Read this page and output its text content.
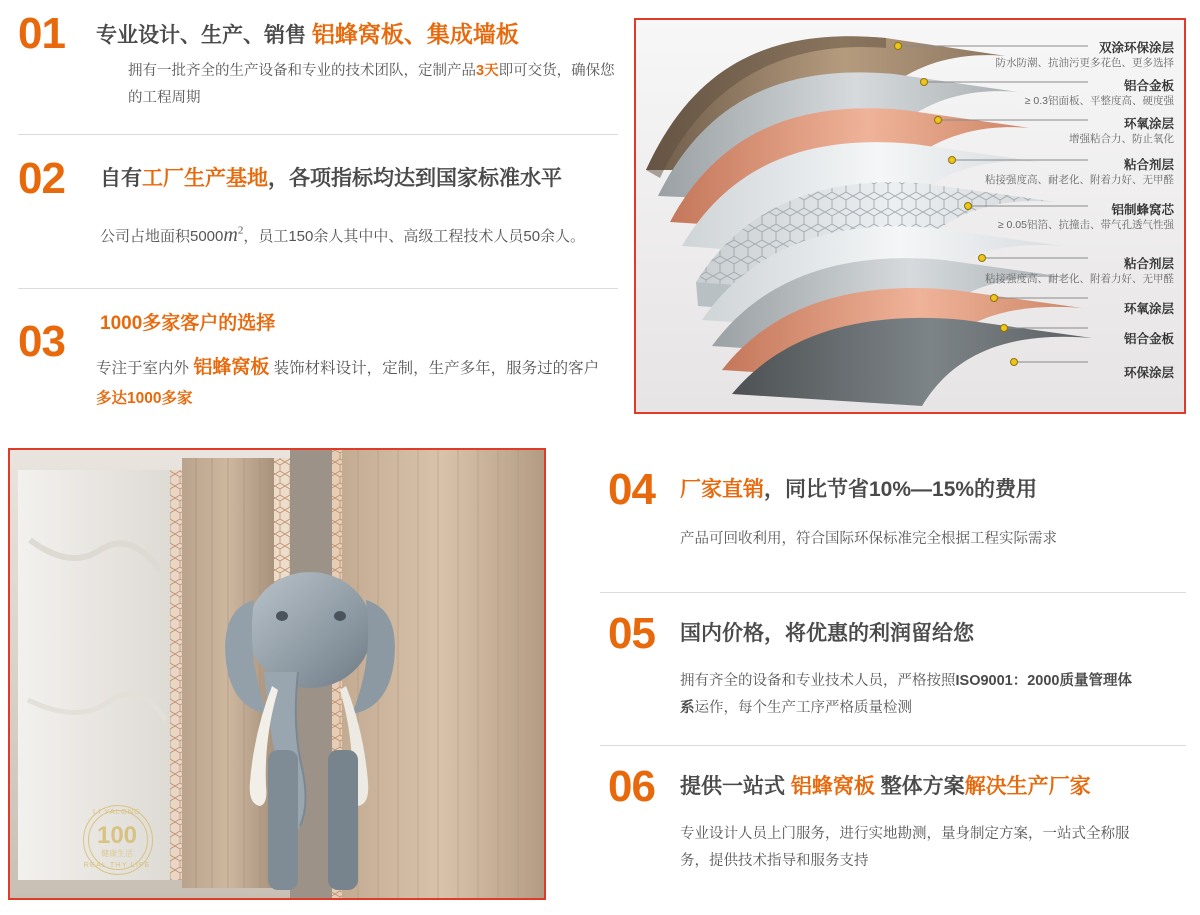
01 专业设计、生产、销售 铝蜂窝板、集成墙板
拥有一批齐全的生产设备和专业的技术团队，定制产品3天即可交货，确保您的工程周期
02 自有工厂生产基地，各项指标均达到国家标准水平
公司占地面积$5000m^2$，员工150余人其中中、高级工程技术人员50余人。
03 1000多家客户的选择
专注于室内外 铝蜂窝板 装饰材料设计，定制，生产多年，服务过的客户
多达1000多家
双涂环保涂层
防水防潮、抗油污更多花色、更多选择
铝合金板
≥ 0.3铝面板、平整度高、硬度强
环氧涂层
增强粘合力、防止氧化
粘合剂层
粘接强度高、耐老化、附着力好、无甲醛
铝制蜂窝芯
≥ 0.05铝箔、抗撞击、带气孔透气性强
粘合剂层
粘接强度高、耐老化、附着力好、无甲醛
环氧涂层
铝合金板
环保涂层
LI YALONG
100
健康生活
REAL THY LIFE
04 厂家直销，同比节省10%—15%的费用
产品可回收利用，符合国际环保标准完全根据工程实际需求
05 国内价格，将优惠的利润留给您
拥有齐全的设备和专业技术人员，严格按照ISO9001：2000质量管理体
系运作，每个生产工序严格质量检测
06 提供一站式 铝蜂窝板 整体方案解决生产厂家
专业设计人员上门服务，进行实地勘测，量身制定方案，一站式全称服
务，提供技术指导和服务支持
